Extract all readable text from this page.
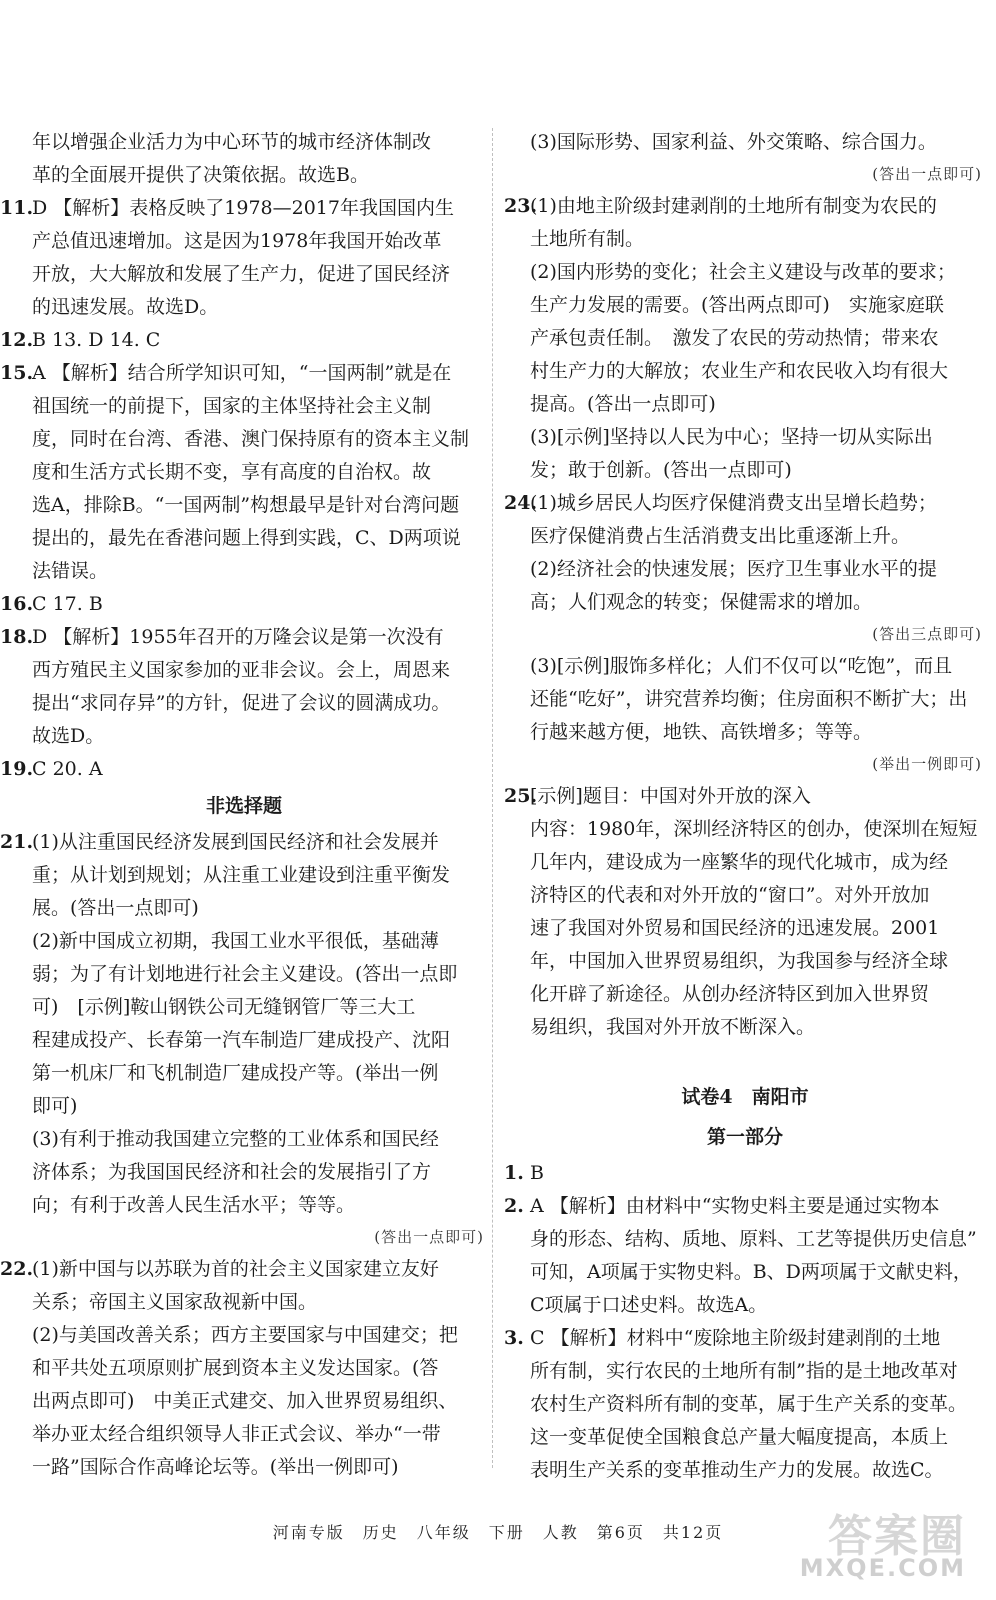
年以增强企业活力为中心环节的城市经济体制改
革的全面展开提供了决策依据。故选B。
11.
D 【解析】表格反映了1978—2017年我国国内生
产总值迅速增加。这是因为1978年我国开始改革
开放，大大解放和发展了生产力，促进了国民经济
的迅速发展。故选D。
12.
B 13. D 14. C
15.
A 【解析】结合所学知识可知，“一国两制”就是在
祖国统一的前提下，国家的主体坚持社会主义制
度，同时在台湾、香港、澳门保持原有的资本主义制
度和生活方式长期不变，享有高度的自治权。故
选A，排除B。“一国两制”构想最早是针对台湾问题
提出的，最先在香港问题上得到实践，C、D两项说
法错误。
16.
C 17. B
18.
D 【解析】1955年召开的万隆会议是第一次没有
西方殖民主义国家参加的亚非会议。会上，周恩来
提出“求同存异”的方针，促进了会议的圆满成功。
故选D。
19.
C 20. A
非选择题
21.
(1)从注重国民经济发展到国民经济和社会发展并
重；从计划到规划；从注重工业建设到注重平衡发
展。(答出一点即可)
(2)新中国成立初期，我国工业水平很低，基础薄
弱；为了有计划地进行社会主义建设。(答出一点即
可)　[示例]鞍山钢铁公司无缝钢管厂等三大工
程建成投产、长春第一汽车制造厂建成投产、沈阳
第一机床厂和飞机制造厂建成投产等。(举出一例
即可)
(3)有利于推动我国建立完整的工业体系和国民经
济体系；为我国国民经济和社会的发展指引了方
向；有利于改善人民生活水平；等等。
(答出一点即可)
22.
(1)新中国与以苏联为首的社会主义国家建立友好
关系；帝国主义国家敌视新中国。
(2)与美国改善关系；西方主要国家与中国建交；把
和平共处五项原则扩展到资本主义发达国家。(答
出两点即可)　中美正式建交、加入世界贸易组织、
举办亚太经合组织领导人非正式会议、举办“一带
一路”国际合作高峰论坛等。(举出一例即可)
(3)国际形势、国家利益、外交策略、综合国力。
(答出一点即可)
23.
(1)由地主阶级封建剥削的土地所有制变为农民的
土地所有制。
(2)国内形势的变化；社会主义建设与改革的要求；
生产力发展的需要。(答出两点即可)　实施家庭联
产承包责任制。　激发了农民的劳动热情；带来农
村生产力的大解放；农业生产和农民收入均有很大
提高。(答出一点即可)
(3)[示例]坚持以人民为中心；坚持一切从实际出
发；敢于创新。(答出一点即可)
24.
(1)城乡居民人均医疗保健消费支出呈增长趋势；
医疗保健消费占生活消费支出比重逐渐上升。
(2)经济社会的快速发展；医疗卫生事业水平的提
高；人们观念的转变；保健需求的增加。
(答出三点即可)
(3)[示例]服饰多样化；人们不仅可以“吃饱”，而且
还能“吃好”，讲究营养均衡；住房面积不断扩大；出
行越来越方便，地铁、高铁增多；等等。
(举出一例即可)
25.
[示例]题目：中国对外开放的深入
内容：1980年，深圳经济特区的创办，使深圳在短短
几年内，建设成为一座繁华的现代化城市，成为经
济特区的代表和对外开放的“窗口”。对外开放加
速了我国对外贸易和国民经济的迅速发展。2001
年，中国加入世界贸易组织，为我国参与经济全球
化开辟了新途径。从创办经济特区到加入世界贸
易组织，我国对外开放不断深入。
试卷4　南阳市
第一部分
1. B
2. A 【解析】由材料中“实物史料主要是通过实物本
身的形态、结构、质地、原料、工艺等提供历史信息”
可知，A项属于实物史料。B、D两项属于文献史料，
C项属于口述史料。故选A。
3. C 【解析】材料中“废除地主阶级封建剥削的土地
所有制，实行农民的土地所有制”指的是土地改革对
农村生产资料所有制的变革，属于生产关系的变革。
这一变革促使全国粮食总产量大幅度提高，本质上
表明生产关系的变革推动生产力的发展。故选C。
河南专版　历史　八年级　下册　人教　第6页　共12页	答案圈
MXQE.COM
